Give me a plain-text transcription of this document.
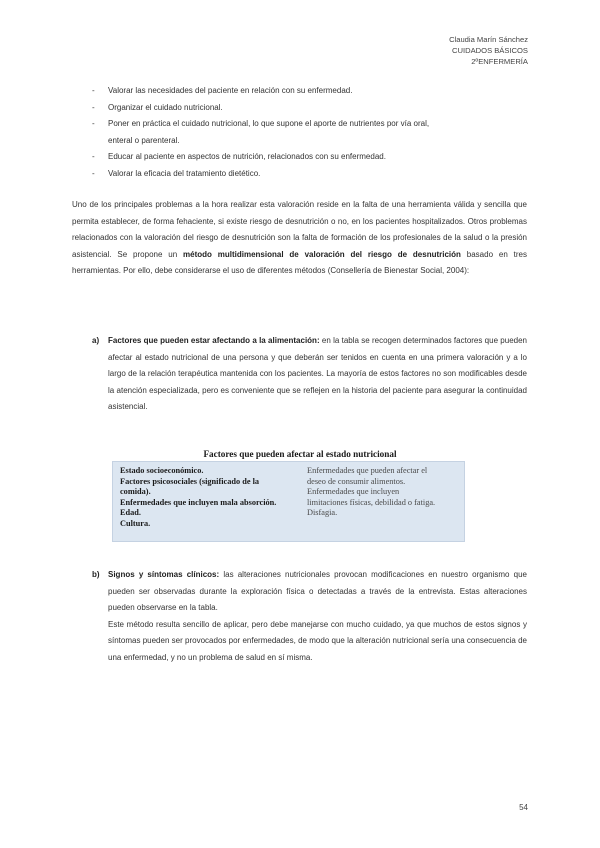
Claudia Marín Sánchez
CUIDADOS BÁSICOS
2ºENFERMERÍA
- Valorar las necesidades del paciente en relación con su enfermedad.
- Organizar el cuidado nutricional.
- Poner en práctica el cuidado nutricional, lo que supone el aporte de nutrientes por vía oral,
enteral o parenteral.
- Educar al paciente en aspectos de nutrición, relacionados con su enfermedad.
- Valorar la eficacia del tratamiento dietético.

Uno de los principales problemas a la hora realizar esta valoración reside en la falta de una herramienta válida y sencilla que permita establecer, de forma fehaciente, si existe riesgo de desnutrición o no, en los pacientes hospitalizados. Otros problemas relacionados con la valoración del riesgo de desnutrición son la falta de formación de los profesionales de la salud o la presión asistencial. Se propone un método multidimensional de valoración del riesgo de desnutrición basado en tres herramientas. Por ello, debe considerarse el uso de diferentes métodos (Consellería de Bienestar Social, 2004):

a) Factores que pueden estar afectando a la alimentación: en la tabla se recogen determinados factores que pueden afectar al estado nutricional de una persona y que deberán ser tenidos en cuenta en una primera valoración y a lo largo de la relación terapéutica mantenida con los pacientes. La mayoría de estos factores no son modificables desde la atención especializada, pero es conveniente que se reflejen en la historia del paciente para asegurar la continuidad asistencial.
Factores que pueden afectar al estado nutricional
Estado socioeconómico.
Factores psicosociales (significado de la
comida).
Enfermedades que incluyen mala absorción.
Edad.
Cultura.
Enfermedades que pueden afectar el
deseo de consumir alimentos.
Enfermedades que incluyen
limitaciones físicas, debilidad o fatiga.
Disfagia.
b) Signos y síntomas clínicos: las alteraciones nutricionales provocan modificaciones en nuestro organismo que pueden ser observadas durante la exploración física o detectadas a través de la entrevista. Estas alteraciones pueden observarse en la tabla.
Este método resulta sencillo de aplicar, pero debe manejarse con mucho cuidado, ya que muchos de estos signos y síntomas pueden ser provocados por enfermedades, de modo que la alteración nutricional sería una consecuencia de una enfermedad, y no un problema de salud en sí misma.
54
